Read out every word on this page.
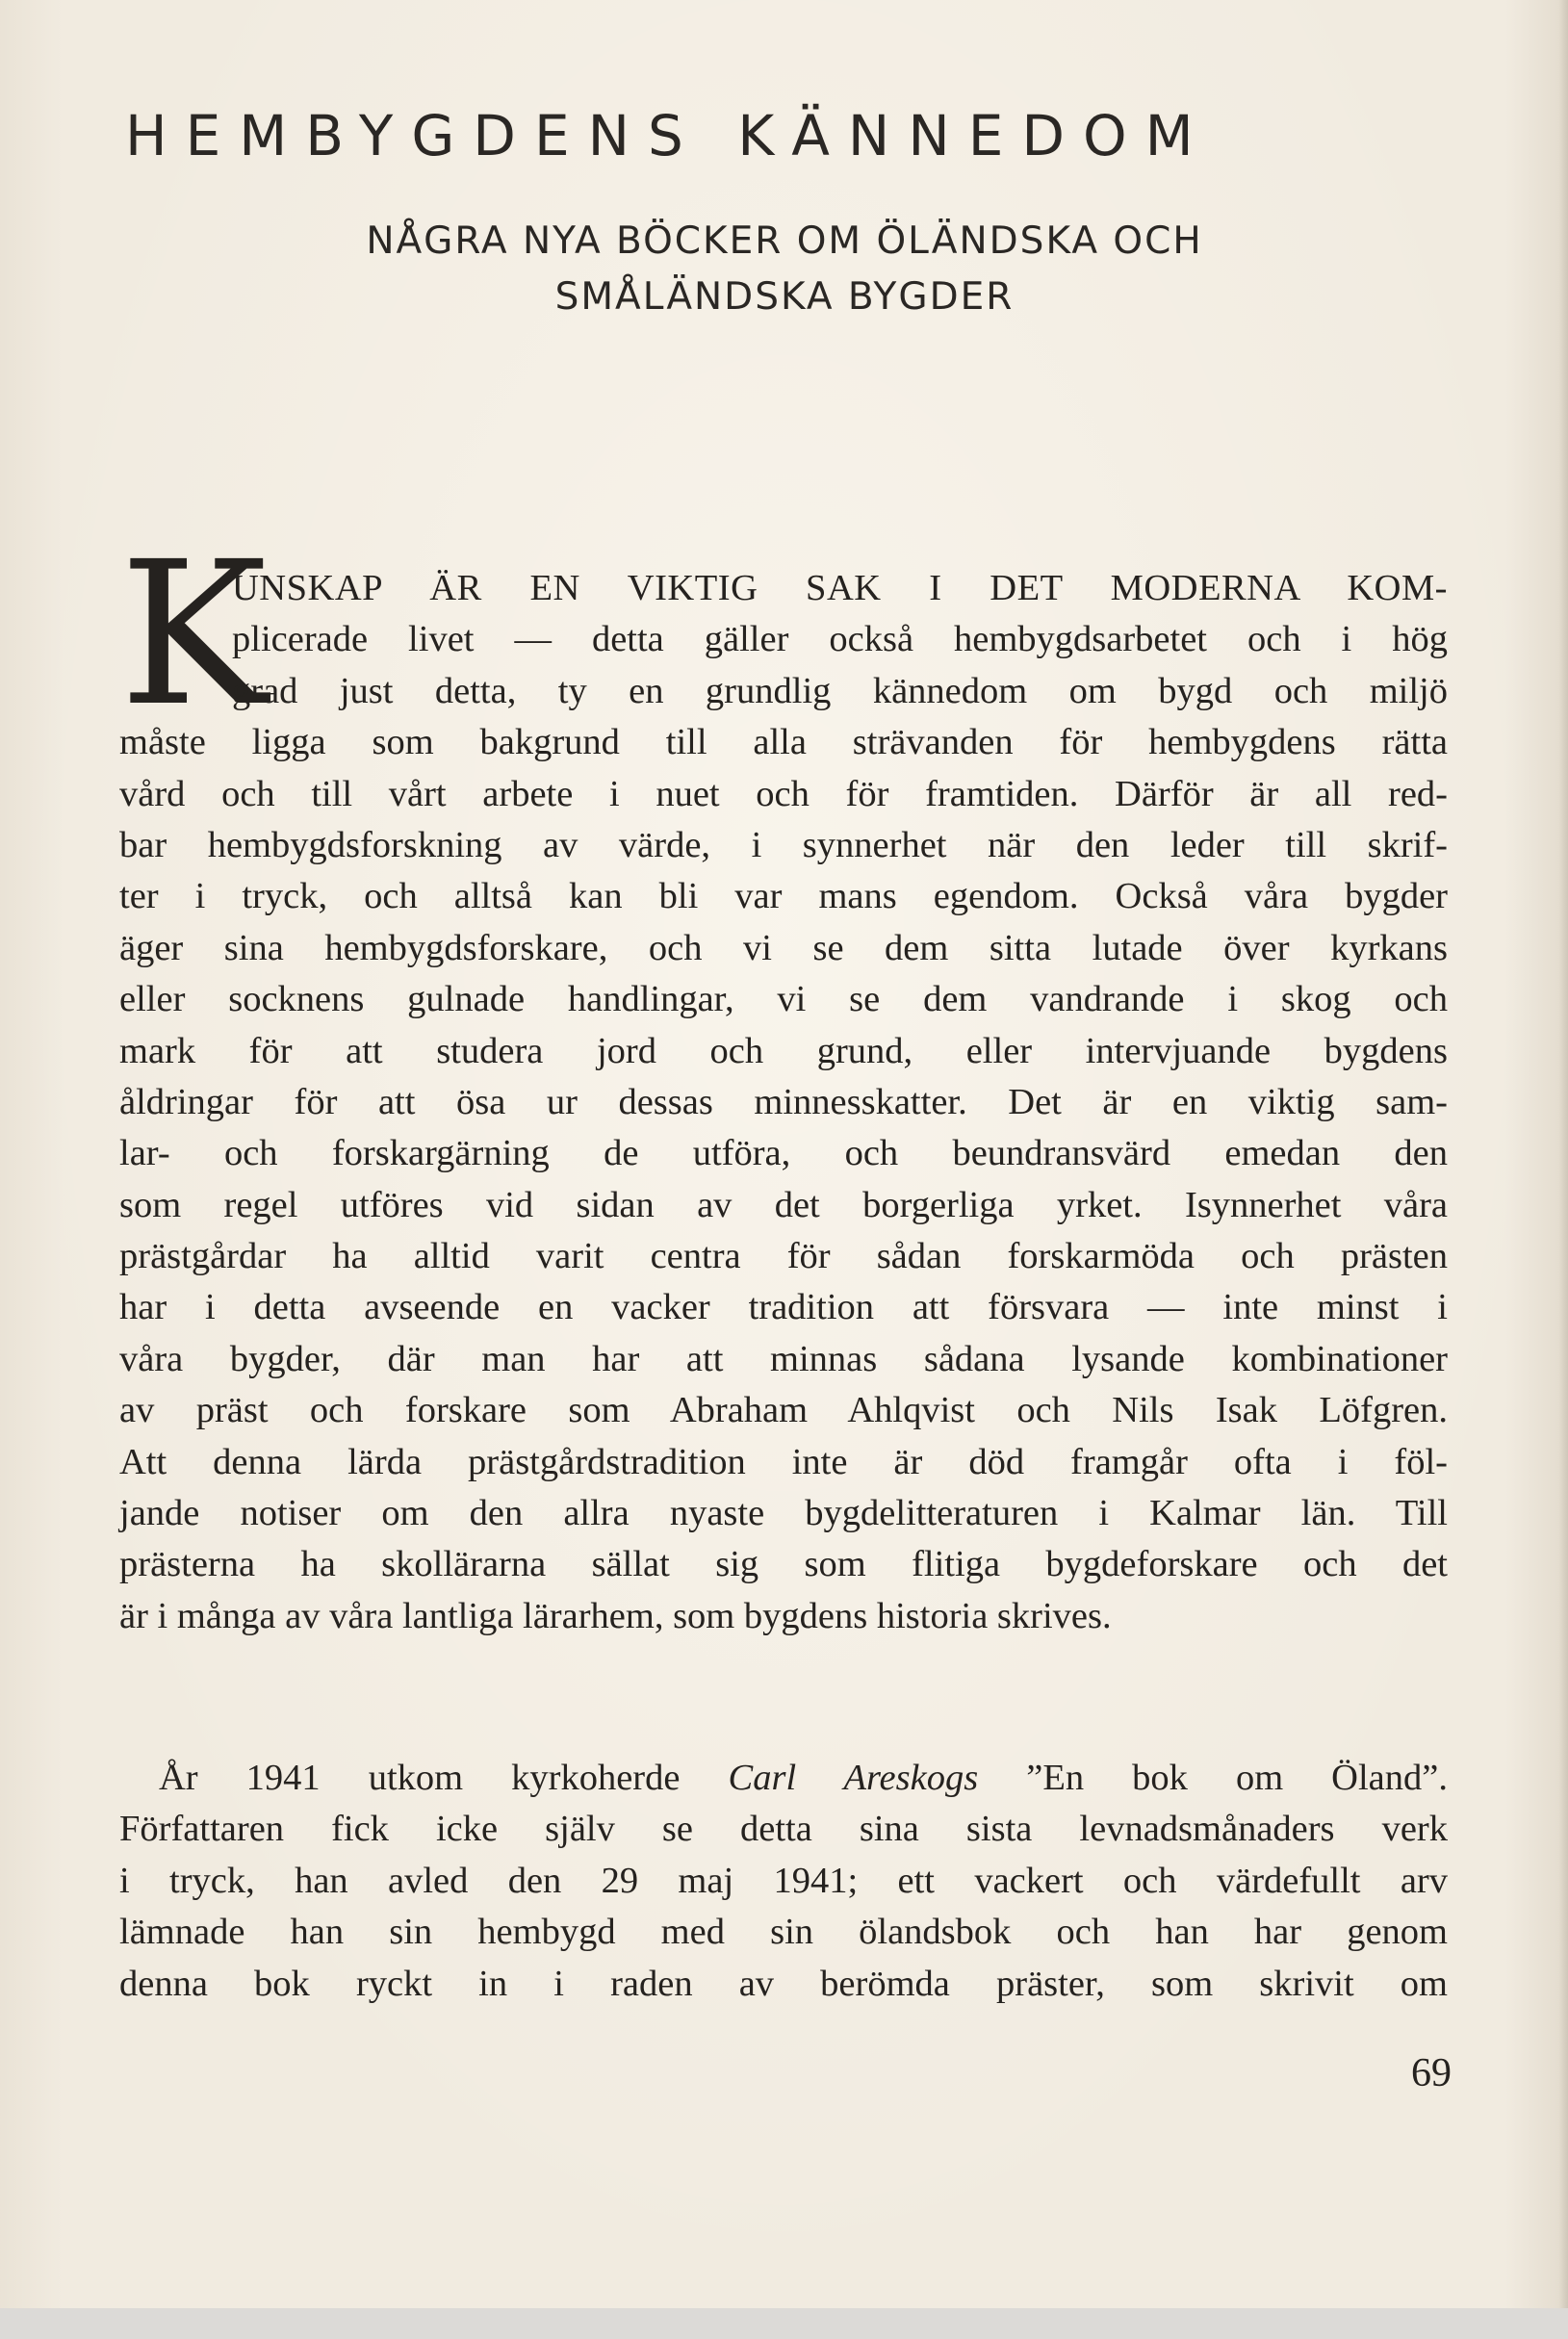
HEMBYGDENS KÄNNEDOM
NÅGRA NYA BÖCKER OM ÖLÄNDSKA OCH
SMÅLÄNDSKA BYGDER
K
UNSKAP ÄR EN VIKTIG SAK I DET MODERNA KOM-
plicerade livet — detta gäller också hembygdsarbetet och i hög
grad just detta, ty en grundlig kännedom om bygd och miljö
måste ligga som bakgrund till alla strävanden för hembygdens rätta
vård och till vårt arbete i nuet och för framtiden. Därför är all red-
bar hembygdsforskning av värde, i synnerhet när den leder till skrif-
ter i tryck, och alltså kan bli var mans egendom. Också våra bygder
äger sina hembygdsforskare, och vi se dem sitta lutade över kyrkans
eller socknens gulnade handlingar, vi se dem vandrande i skog och
mark för att studera jord och grund, eller intervjuande bygdens
åldringar för att ösa ur dessas minnesskatter. Det är en viktig sam-
lar- och forskargärning de utföra, och beundransvärd emedan den
som regel utföres vid sidan av det borgerliga yrket. Isynnerhet våra
prästgårdar ha alltid varit centra för sådan forskarmöda och prästen
har i detta avseende en vacker tradition att försvara — inte minst i
våra bygder, där man har att minnas sådana lysande kombinationer
av präst och forskare som Abraham Ahlqvist och Nils Isak Löfgren.
Att denna lärda prästgårdstradition inte är död framgår ofta i föl-
jande notiser om den allra nyaste bygdelitteraturen i Kalmar län. Till
prästerna ha skollärarna sällat sig som flitiga bygdeforskare och det
är i många av våra lantliga lärarhem, som bygdens historia skrives.
År 1941 utkom kyrkoherde Carl Areskogs ”En bok om Öland”.
Författaren fick icke själv se detta sina sista levnadsmånaders verk
i tryck, han avled den 29 maj 1941; ett vackert och värdefullt arv
lämnade han sin hembygd med sin ölandsbok och han har genom
denna bok ryckt in i raden av berömda präster, som skrivit om
69
